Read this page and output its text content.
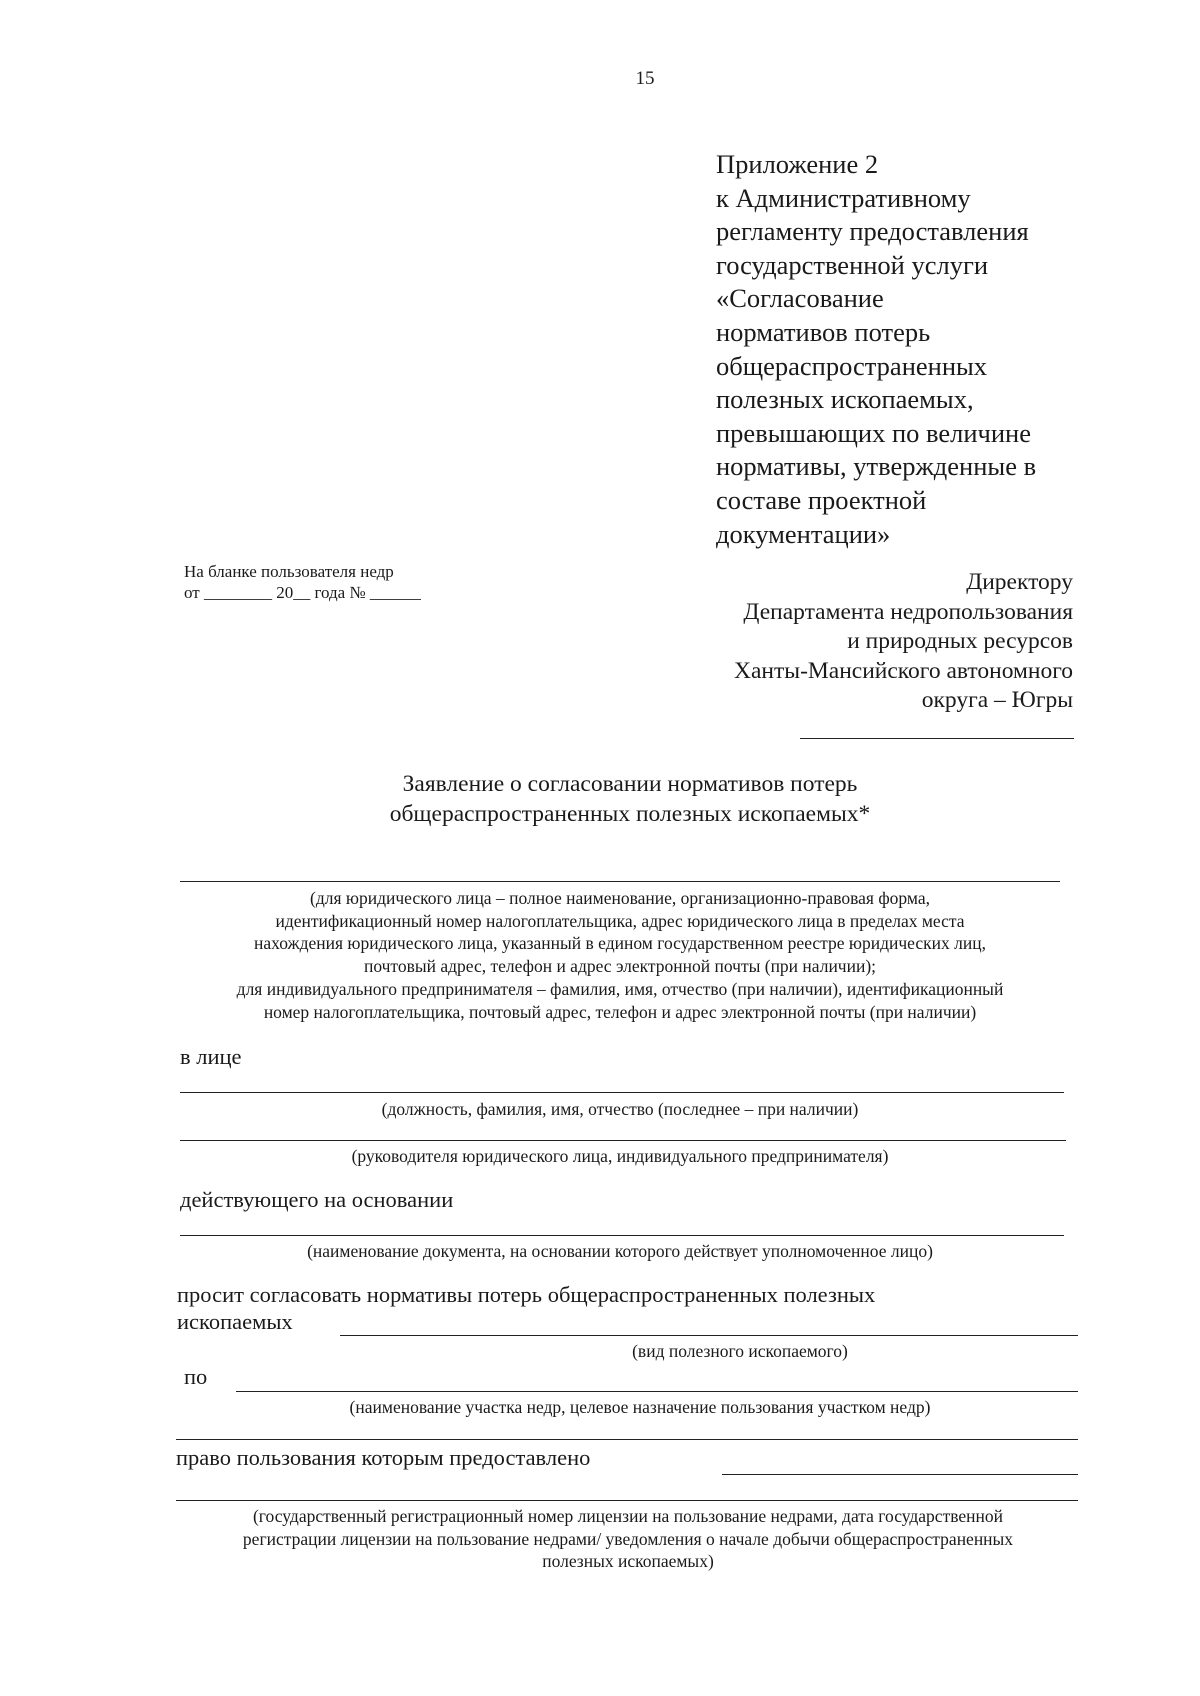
15
Приложение 2
к Административному
регламенту предоставления
государственной услуги
«Согласование
нормативов потерь
общераспространенных
полезных ископаемых,
превышающих по величине
нормативы, утвержденные в
составе проектной
документации»
На бланке пользователя недр
от ________ 20__ года № ______	Директору
Департамента недропользования
и природных ресурсов
Ханты-Мансийского автономного
округа – Югры
Заявление о согласовании нормативов потерь
общераспространенных полезных ископаемых*
(для юридического лица – полное наименование, организационно-правовая форма,
идентификационный номер налогоплательщика, адрес юридического лица в пределах места
нахождения юридического лица, указанный в едином государственном реестре юридических лиц,
почтовый адрес, телефон и адрес электронной почты (при наличии);
для индивидуального предпринимателя – фамилия, имя, отчество (при наличии), идентификационный
номер налогоплательщика, почтовый адрес, телефон и адрес электронной почты (при наличии)
в лице
(должность, фамилия, имя, отчество (последнее – при наличии)
(руководителя юридического лица, индивидуального предпринимателя)
действующего на основании
(наименование документа, на основании которого действует уполномоченное лицо)
просит согласовать нормативы потерь общераспространенных полезных
ископаемых
(вид полезного ископаемого)
по
(наименование участка недр, целевое назначение пользования участком недр)
право пользования которым предоставлено
(государственный регистрационный номер лицензии на пользование недрами, дата государственной
регистрации лицензии на пользование недрами/ уведомления о начале добычи общераспространенных
полезных ископаемых)
